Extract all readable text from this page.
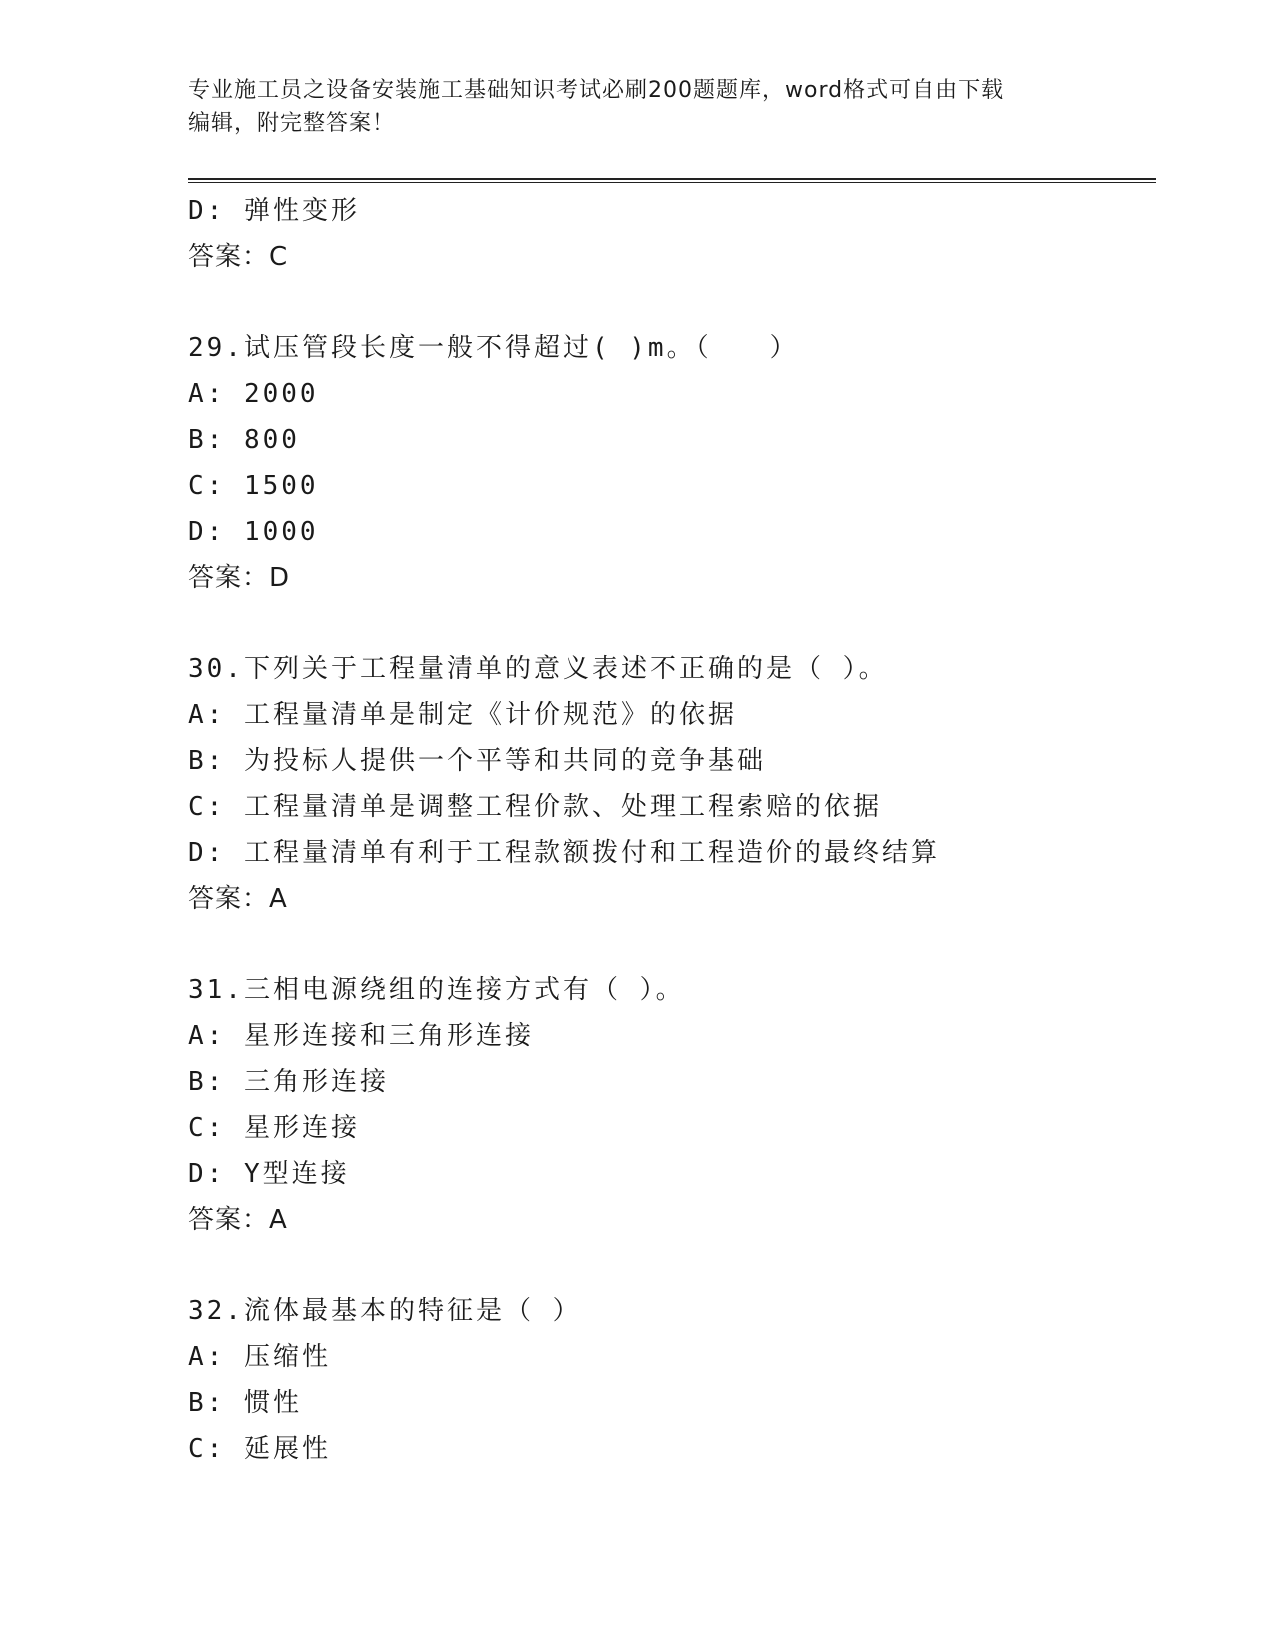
专业施工员之设备安装施工基础知识考试必刷200题题库，word格式可自由下载
编辑，附完整答案！
D: 弹性变形
答案：C
29.试压管段长度一般不得超过( )m。（　　）
A: 2000
B: 800
C: 1500
D: 1000
答案：D
30.下列关于工程量清单的意义表述不正确的是（ ）。
A: 工程量清单是制定《计价规范》的依据
B: 为投标人提供一个平等和共同的竞争基础
C: 工程量清单是调整工程价款、处理工程索赔的依据
D: 工程量清单有利于工程款额拨付和工程造价的最终结算
答案：A
31.三相电源绕组的连接方式有（ ）。
A: 星形连接和三角形连接
B: 三角形连接
C: 星形连接
D: Y型连接
答案：A
32.流体最基本的特征是（ ）
A: 压缩性
B: 惯性
C: 延展性
